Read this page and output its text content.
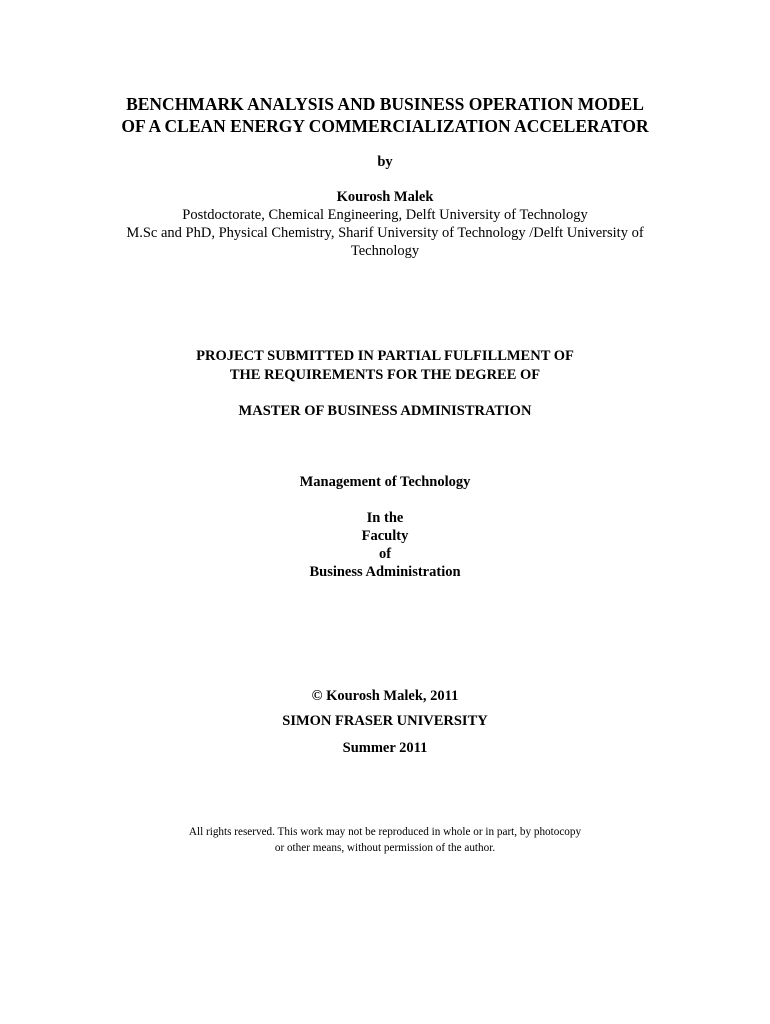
BENCHMARK ANALYSIS AND BUSINESS OPERATION MODEL
OF A CLEAN ENERGY COMMERCIALIZATION ACCELERATOR
by
Kourosh Malek
Postdoctorate, Chemical Engineering, Delft University of Technology
M.Sc and PhD, Physical Chemistry, Sharif University of Technology /Delft University of
Technology
PROJECT SUBMITTED IN PARTIAL FULFILLMENT OF
THE REQUIREMENTS FOR THE DEGREE OF
MASTER OF BUSINESS ADMINISTRATION
Management of Technology
In the
Faculty
of
Business Administration
© Kourosh Malek, 2011
SIMON FRASER UNIVERSITY
Summer 2011
All rights reserved. This work may not be reproduced in whole or in part, by photocopy
or other means, without permission of the author.
